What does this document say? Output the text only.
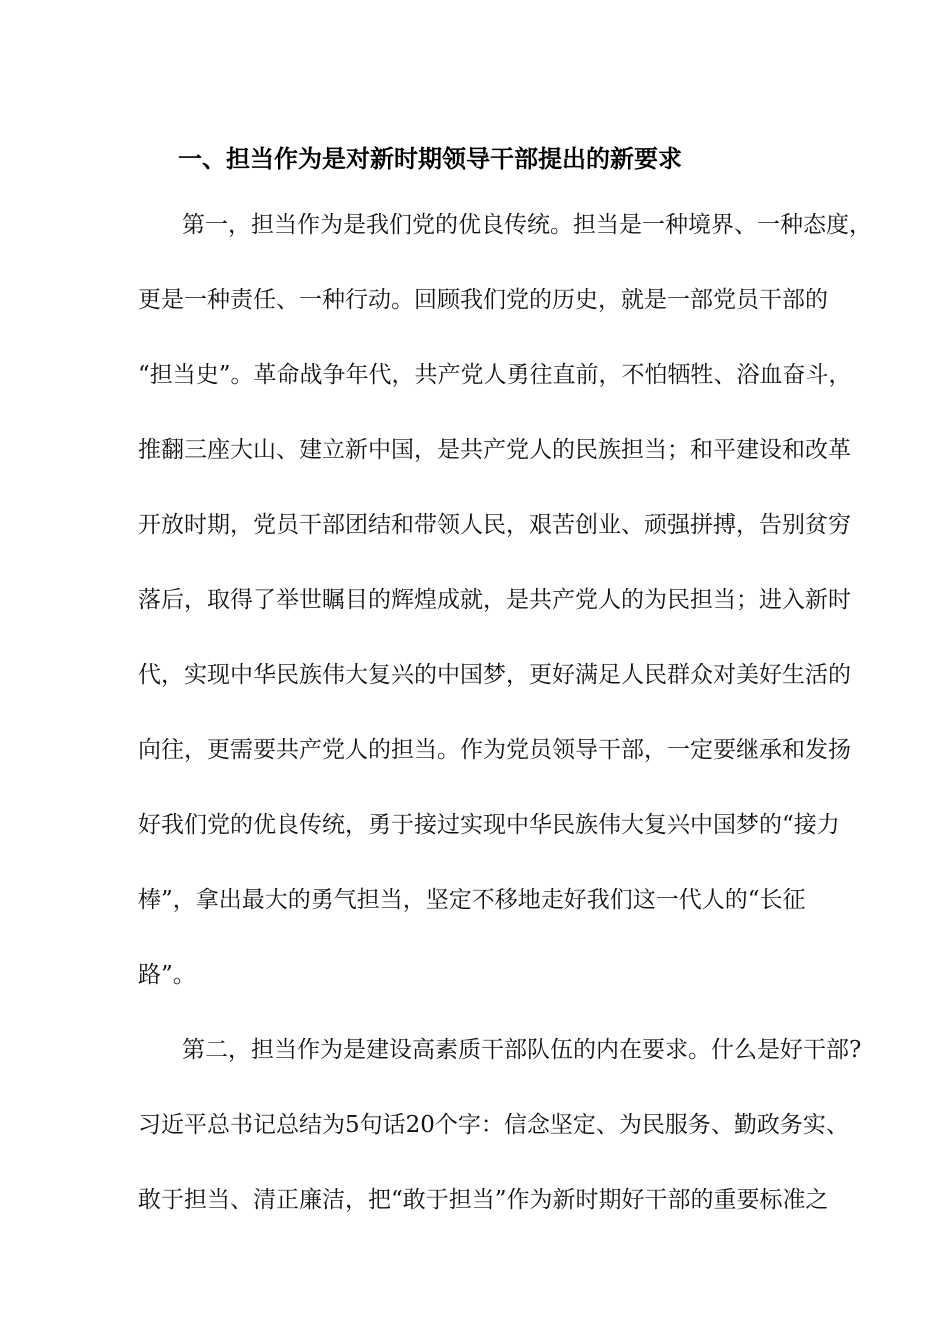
一、担当作为是对新时期领导干部提出的新要求
第一，担当作为是我们党的优良传统。担当是一种境界、一种态度，
更是一种责任、一种行动。回顾我们党的历史，就是一部党员干部的
“担当史”。革命战争年代，共产党人勇往直前，不怕牺牲、浴血奋斗，
推翻三座大山、建立新中国，是共产党人的民族担当；和平建设和改革
开放时期，党员干部团结和带领人民，艰苦创业、顽强拼搏，告别贫穷
落后，取得了举世瞩目的辉煌成就，是共产党人的为民担当；进入新时
代，实现中华民族伟大复兴的中国梦，更好满足人民群众对美好生活的
向往，更需要共产党人的担当。作为党员领导干部，一定要继承和发扬
好我们党的优良传统，勇于接过实现中华民族伟大复兴中国梦的“接力
棒”，拿出最大的勇气担当，坚定不移地走好我们这一代人的“长征
路”。
第二，担当作为是建设高素质干部队伍的内在要求。什么是好干部?
习近平总书记总结为5句话20个字：信念坚定、为民服务、勤政务实、
敢于担当、清正廉洁，把“敢于担当”作为新时期好干部的重要标准之
